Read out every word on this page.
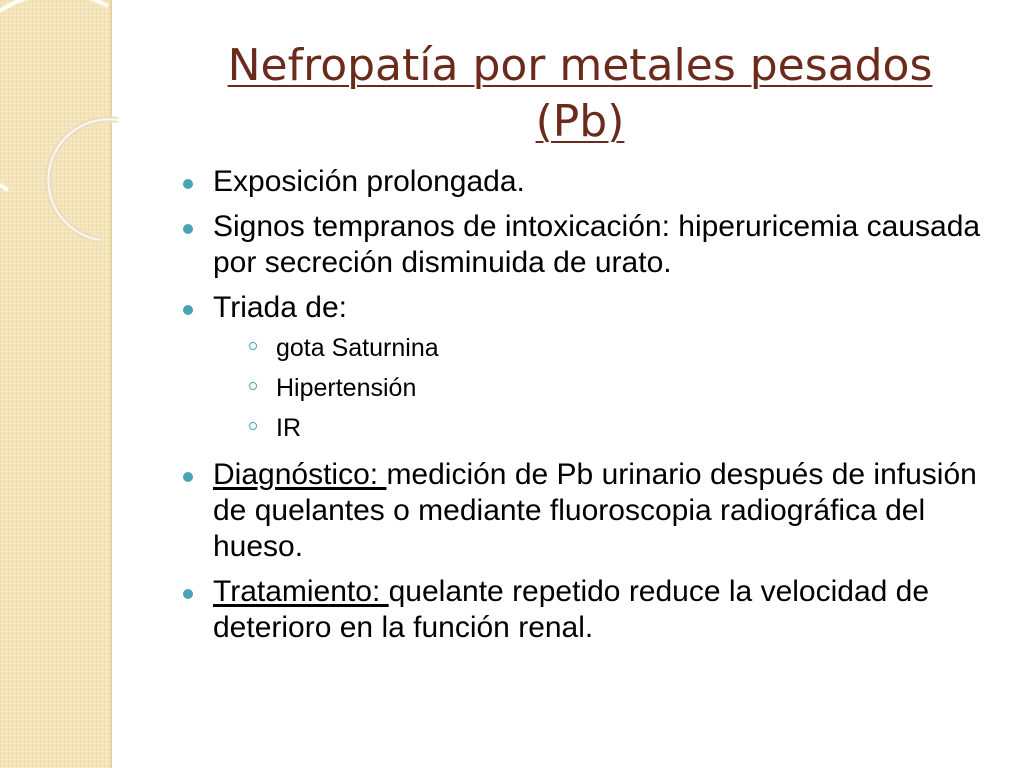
Nefropatía por metales pesados (Pb)
Exposición prolongada.
Signos tempranos de intoxicación: hiperuricemia causada por secreción disminuida de urato.
Triada de:
gota Saturnina
Hipertensión
IR
Diagnóstico: medición de Pb urinario después de infusión de quelantes o mediante fluoroscopia radiográfica del hueso.
Tratamiento: quelante repetido reduce la velocidad de deterioro en la función renal.
